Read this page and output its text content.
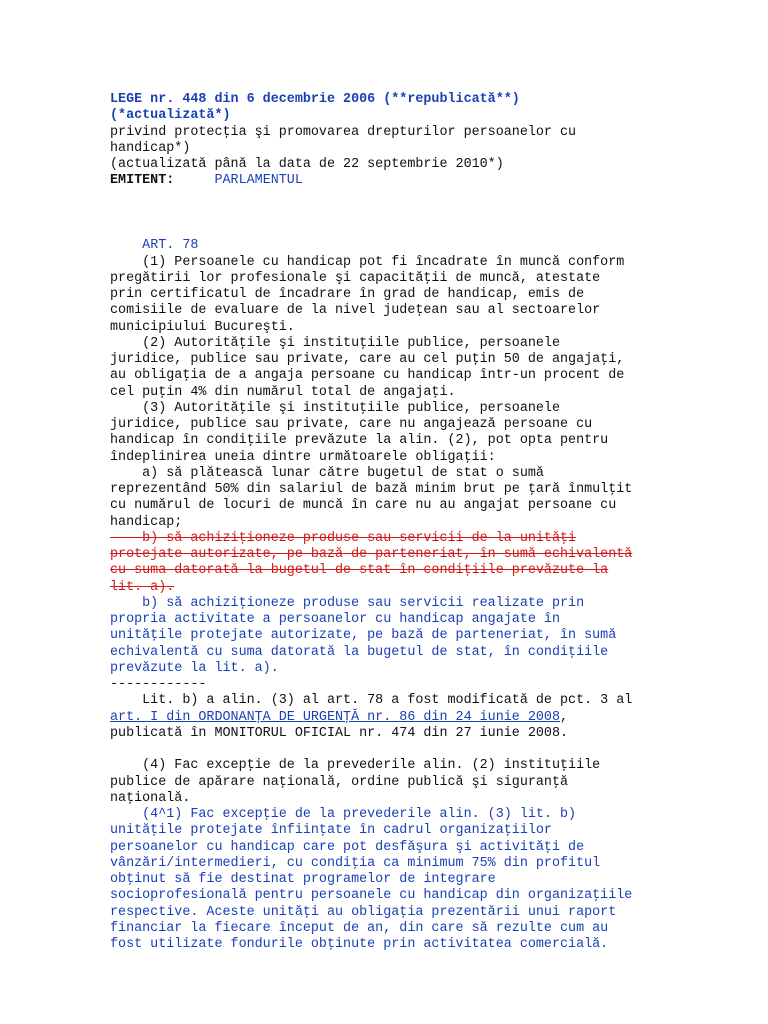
LEGE nr. 448 din 6 decembrie 2006 (**republicată**)
(*actualizată*)
privind protecţia şi promovarea drepturilor persoanelor cu
handicap*)
(actualizată până la data de 22 septembrie 2010*)
EMITENT:	PARLAMENTUL
ART. 78
(1) Persoanele cu handicap pot fi încadrate în muncă conform
pregătirii lor profesionale şi capacităţii de muncă, atestate
prin certificatul de încadrare în grad de handicap, emis de
comisiile de evaluare de la nivel judeţean sau al sectoarelor
municipiului Bucureşti.
(2) Autorităţile şi instituţiile publice, persoanele
juridice, publice sau private, care au cel puţin 50 de angajaţi,
au obligaţia de a angaja persoane cu handicap într-un procent de
cel puţin 4% din numărul total de angajaţi.
(3) Autorităţile şi instituţiile publice, persoanele
juridice, publice sau private, care nu angajează persoane cu
handicap în condiţiile prevăzute la alin. (2), pot opta pentru
îndeplinirea uneia dintre următoarele obligaţii:
a) să plătească lunar către bugetul de stat o sumă
reprezentând 50% din salariul de bază minim brut pe ţară înmulţit
cu numărul de locuri de muncă în care nu au angajat persoane cu
handicap;
b) să achiziţioneze produse sau servicii de la unităţi
protejate autorizate, pe bază de parteneriat, în sumă echivalentă
cu suma datorată la bugetul de stat în condiţiile prevăzute la
lit. a).
b) să achiziţioneze produse sau servicii realizate prin
propria activitate a persoanelor cu handicap angajate în
unităţile protejate autorizate, pe bază de parteneriat, în sumă
echivalentă cu suma datorată la bugetul de stat, în condiţiile
prevăzute la lit. a).
------------
Lit. b) a alin. (3) al art. 78 a fost modificată de pct. 3 al
art. I din ORDONANŢA DE URGENŢĂ nr. 86 din 24 iunie 2008,
publicată în MONITORUL OFICIAL nr. 474 din 27 iunie 2008.
(4) Fac excepţie de la prevederile alin. (2) instituţiile
publice de apărare naţională, ordine publică şi siguranţă
naţională.
(4^1) Fac excepţie de la prevederile alin. (3) lit. b)
unităţile protejate înfiinţate în cadrul organizaţiilor
persoanelor cu handicap care pot desfăşura şi activităţi de
vânzări/intermedieri, cu condiţia ca minimum 75% din profitul
obţinut să fie destinat programelor de integrare
socioprofesională pentru persoanele cu handicap din organizaţiile
respective. Aceste unităţi au obligaţia prezentării unui raport
financiar la fiecare început de an, din care să rezulte cum au
fost utilizate fondurile obţinute prin activitatea comercială.
